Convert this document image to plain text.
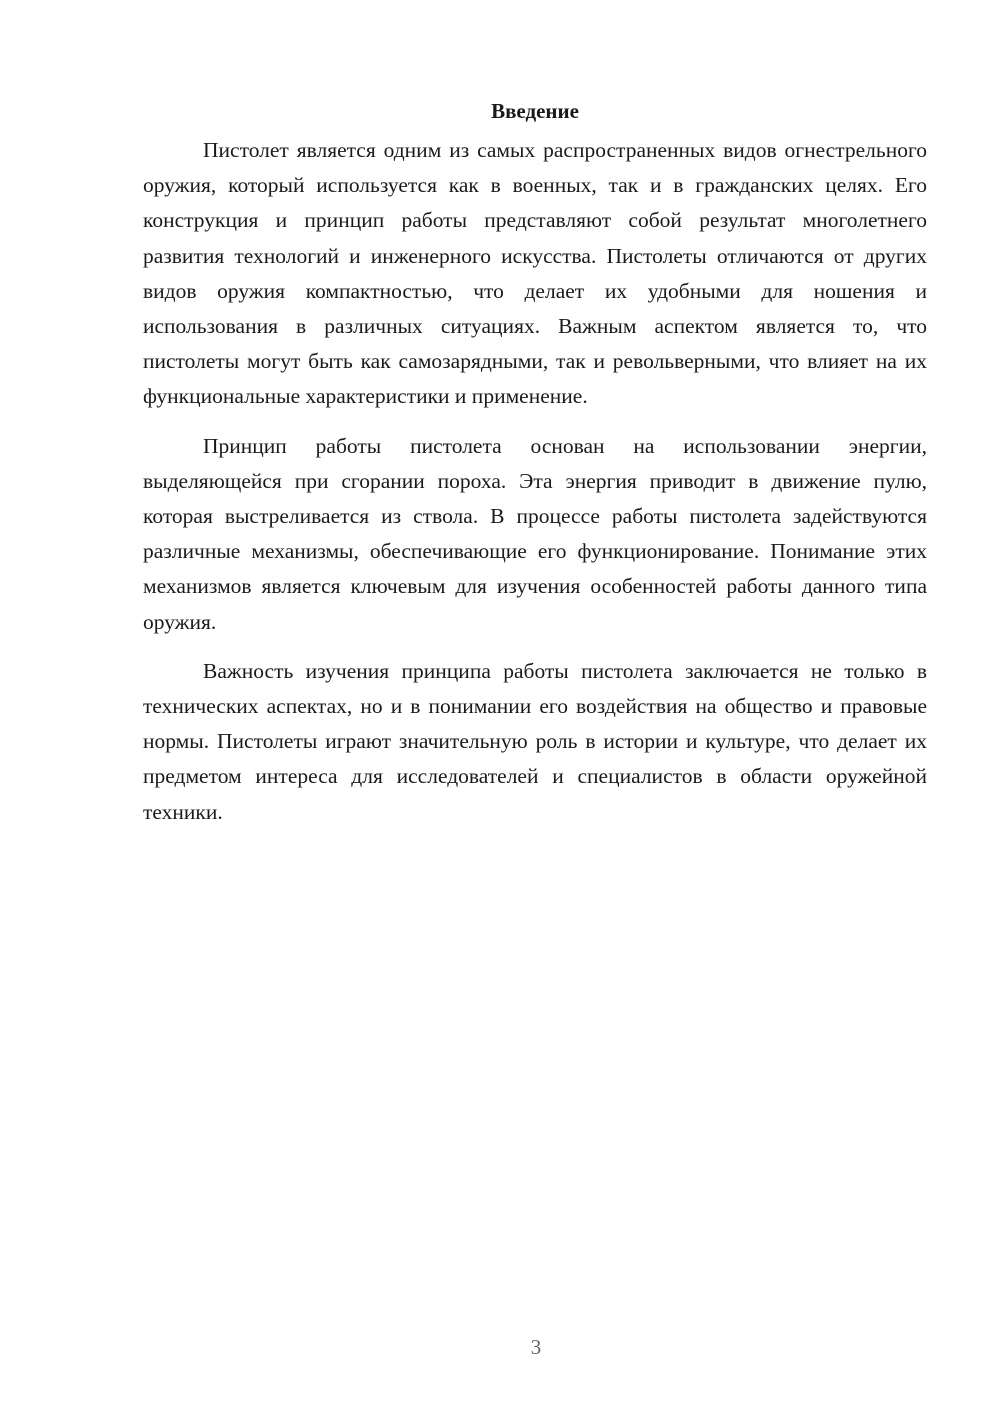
Введение

Пистолет является одним из самых распространенных видов огнестрельного оружия, который используется как в военных, так и в гражданских целях. Его конструкция и принцип работы представляют собой результат многолетнего развития технологий и инженерного искусства. Пистолеты отличаются от других видов оружия компактностью, что делает их удобными для ношения и использования в различных ситуациях. Важным аспектом является то, что пистолеты могут быть как самозарядными, так и револьверными, что влияет на их функциональные характеристики и применение.

Принцип работы пистолета основан на использовании энергии, выделяющейся при сгорании пороха. Эта энергия приводит в движение пулю, которая выстреливается из ствола. В процессе работы пистолета задействуются различные механизмы, обеспечивающие его функционирование. Понимание этих механизмов является ключевым для изучения особенностей работы данного типа оружия.

Важность изучения принципа работы пистолета заключается не только в технических аспектах, но и в понимании его воздействия на общество и правовые нормы. Пистолеты играют значительную роль в истории и культуре, что делает их предметом интереса для исследователей и специалистов в области оружейной техники.

3
